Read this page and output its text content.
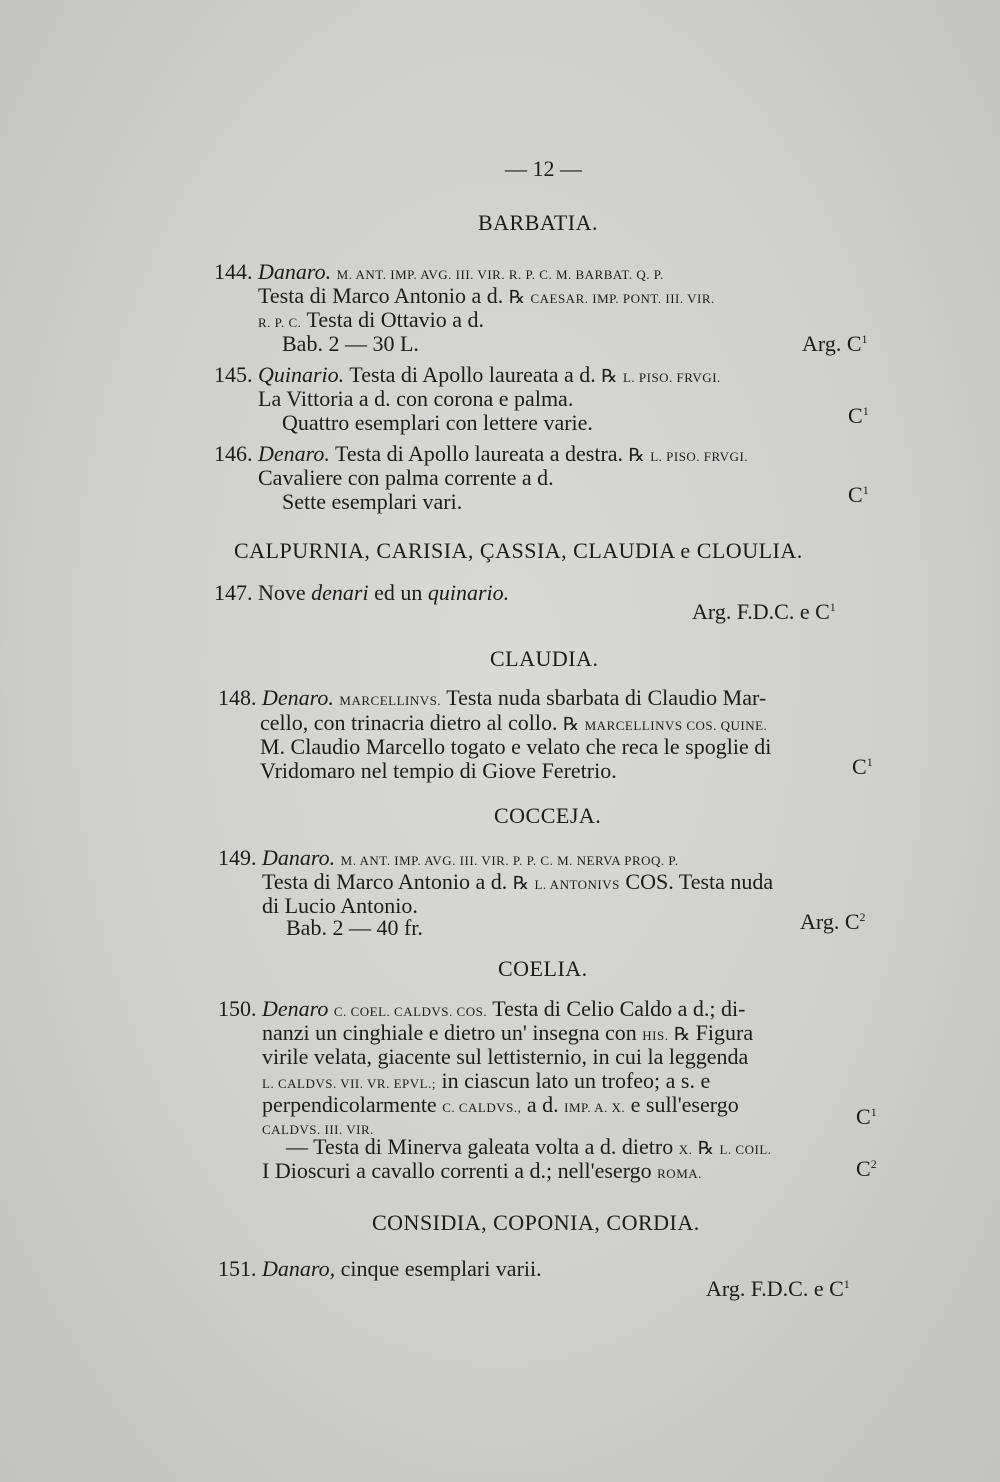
— 12 —
BARBATIA.
144. Danaro. M. ANT. IMP. AVG. III. VIR. R. P. C. M. BARBAT. Q. P.
Testa di Marco Antonio a d. ℞ CAESAR. IMP. PONT. III. VIR.
R. P. C. Testa di Ottavio a d.
Bab. 2 — 30 L.	Arg. $C^1$
145. Quinario. Testa di Apollo laureata a d. ℞ L. PISO. FRVGI.
La Vittoria a d. con corona e palma.
Quattro esemplari con lettere varie.	$C^1$
146. Denaro. Testa di Apollo laureata a destra. ℞ L. PISO. FRVGI.
Cavaliere con palma corrente a d.
Sette esemplari vari.	$C^1$
CALPURNIA, CARISIA, ÇASSIA, CLAUDIA e CLOULIA.
147. Nove denari ed un quinario.
Arg. F.D.C. e $C^1$
CLAUDIA.
148. Denaro. MARCELLINVS. Testa nuda sbarbata di Claudio Mar-
cello, con trinacria dietro al collo. ℞ MARCELLINVS COS. QUINE.
M. Claudio Marcello togato e velato che reca le spoglie di
Vridomaro nel tempio di Giove Feretrio.	$C^1$
COCCEJA.
149. Danaro. M. ANT. IMP. AVG. III. VIR. P. P. C. M. NERVA PROQ. P.
Testa di Marco Antonio a d. ℞ L. ANTONIVS COS. Testa nuda
di Lucio Antonio.
Bab. 2 — 40 fr.	Arg. $C^2$
COELIA.
150. Denaro C. COEL. CALDVS. COS. Testa di Celio Caldo a d.; di-
nanzi un cinghiale e dietro un' insegna con HIS. ℞ Figura
virile velata, giacente sul lettisternio, in cui la leggenda
L. CALDVS. VII. VR. EPVL.; in ciascun lato un trofeo; a s. e
perpendicolarmente C. CALDVS., a d. IMP. A. X. e sull'esergo
CALDVS. III. VIR.
$C^1$
— Testa di Minerva galeata volta a d. dietro X. ℞ L. COIL.
I Dioscuri a cavallo correnti a d.; nell'esergo ROMA.	$C^2$
CONSIDIA, COPONIA, CORDIA.
151. Danaro, cinque esemplari varii.
Arg. F.D.C. e $C^1$
